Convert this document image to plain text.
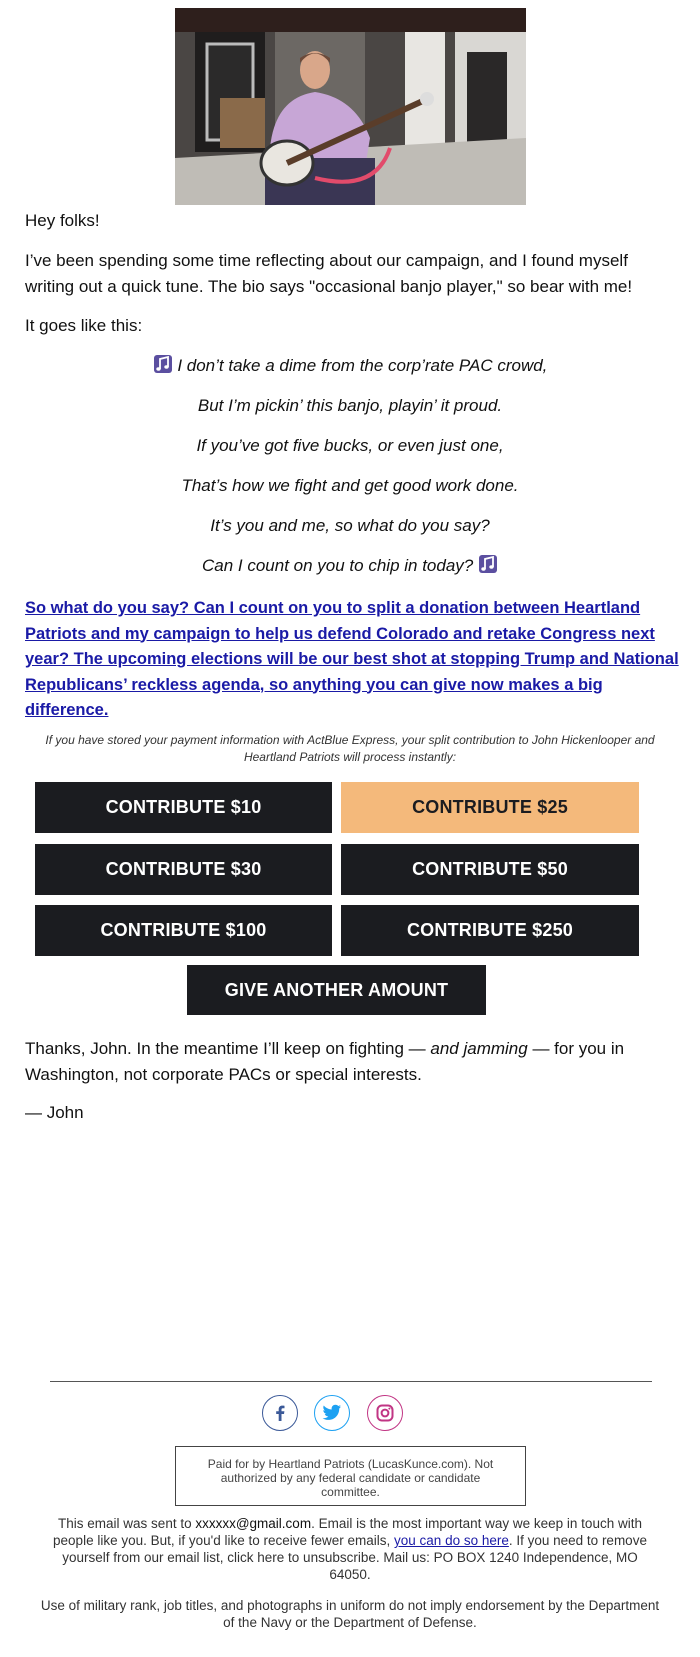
Hey folks!

I’ve been spending some time reflecting about our campaign, and I found myself writing out a quick tune. The bio says "occasional banjo player," so bear with me!

It goes like this:

I don’t take a dime from the corp’rate PAC crowd,
But I’m pickin’ this banjo, playin’ it proud.
If you’ve got five bucks, or even just one,
That’s how we fight and get good work done.
It’s you and me, so what do you say?
Can I count on you to chip in today?

So what do you say? Can I count on you to split a donation between Heartland Patriots and my campaign to help us defend Colorado and retake Congress next year? The upcoming elections will be our best shot at stopping Trump and National Republicans’ reckless agenda, so anything you can give now makes a big difference.

If you have stored your payment information with ActBlue Express, your split contribution to John Hickenlooper and Heartland Patriots will process instantly:
CONTRIBUTE $10	CONTRIBUTE $25
CONTRIBUTE $30	CONTRIBUTE $50
CONTRIBUTE $100	CONTRIBUTE $250
GIVE ANOTHER AMOUNT

Thanks, John. In the meantime I’ll keep on fighting — and jamming — for you in Washington, not corporate PACs or special interests.

— John

Paid for by Heartland Patriots (LucasKunce.com). Not authorized by any federal candidate or candidate committee.
This email was sent to xxxxxx@gmail.com. Email is the most important way we keep in touch with people like you. But, if you'd like to receive fewer emails, you can do so here. If you need to remove yourself from our email list, click here to unsubscribe. Mail us: PO BOX 1240 Independence, MO 64050.
Use of military rank, job titles, and photographs in uniform do not imply endorsement by the Department of the Navy or the Department of Defense.
